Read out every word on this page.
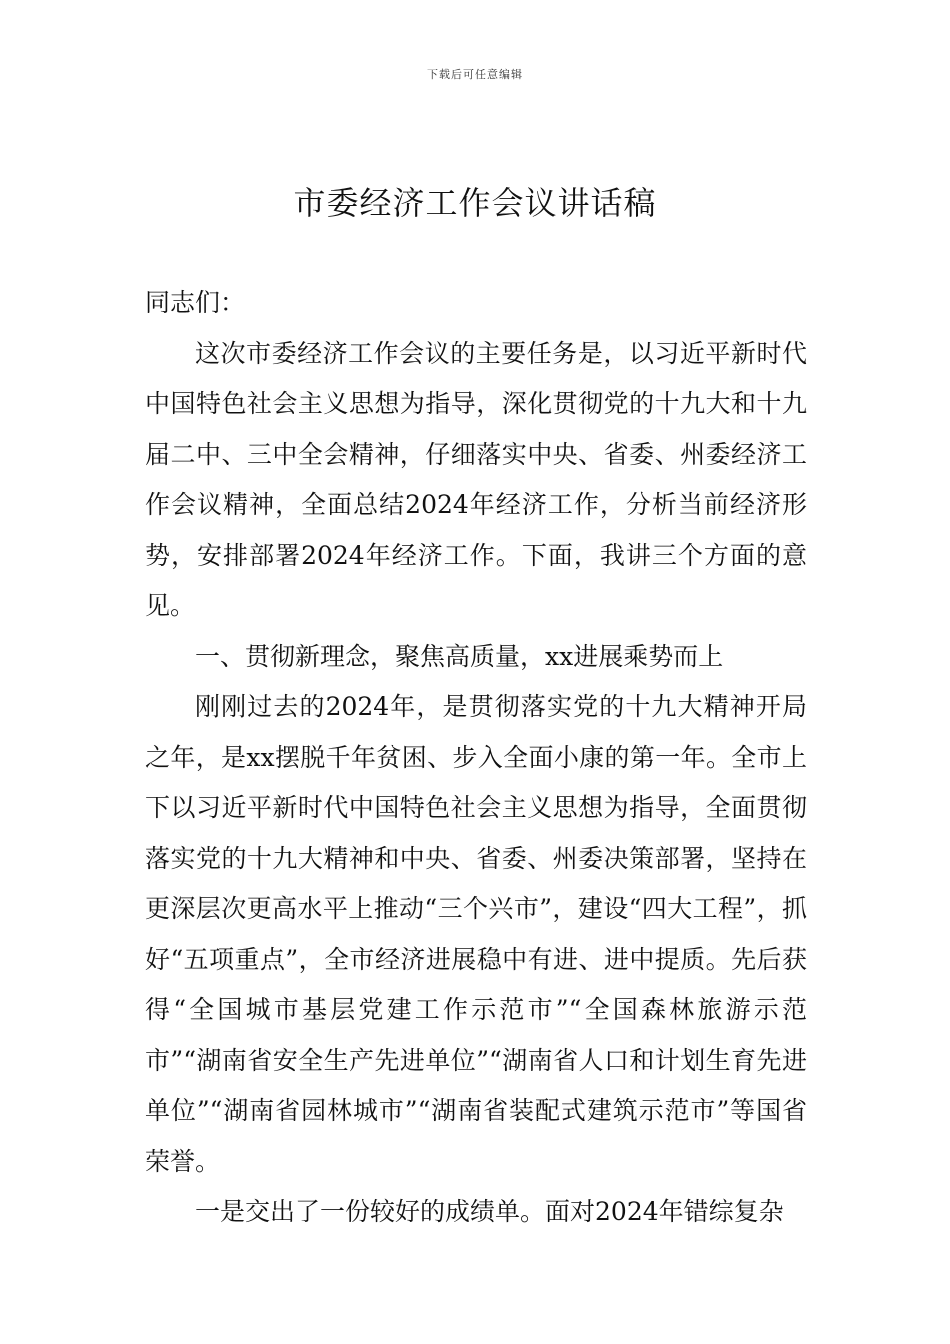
下载后可任意编辑
市委经济工作会议讲话稿

同志们：

这次市委经济工作会议的主要任务是，以习近平新时代中国特色社会主义思想为指导，深化贯彻党的十九大和十九届二中、三中全会精神，仔细落实中央、省委、州委经济工作会议精神，全面总结2024年经济工作，分析当前经济形势，安排部署2024年经济工作。下面，我讲三个方面的意见。

一、贯彻新理念，聚焦高质量，xx进展乘势而上

刚刚过去的2024年，是贯彻落实党的十九大精神开局之年，是xx摆脱千年贫困、步入全面小康的第一年。全市上下以习近平新时代中国特色社会主义思想为指导，全面贯彻落实党的十九大精神和中央、省委、州委决策部署，坚持在更深层次更高水平上推动“三个兴市”，建设“四大工程”，抓好“五项重点”，全市经济进展稳中有进、进中提质。先后获得“全国城市基层党建工作示范市”“全国森林旅游示范市”“湖南省安全生产先进单位”“湖南省人口和计划生育先进单位”“湖南省园林城市”“湖南省装配式建筑示范市”等国省荣誉。

一是交出了一份较好的成绩单。面对2024年错综复杂
